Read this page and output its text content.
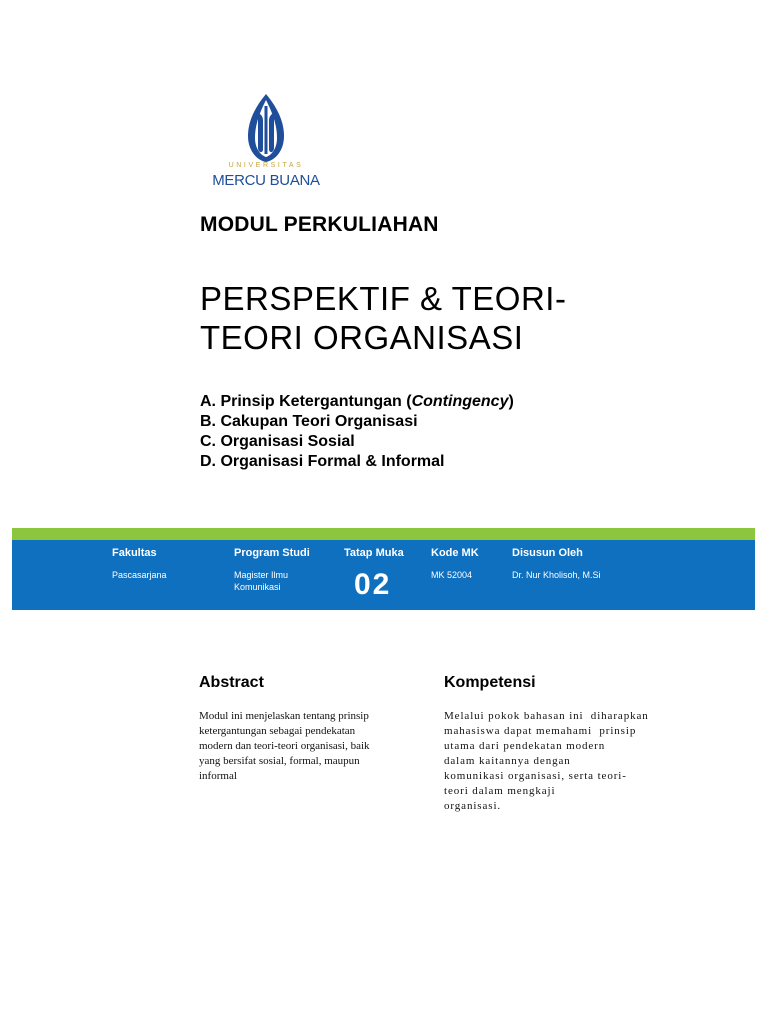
UNIVERSITAS
MERCU BUANA
MODUL PERKULIAHAN
PERSPEKTIF & TEORI-
TEORI ORGANISASI
A. Prinsip Ketergantungan (Contingency)
B. Cakupan Teori Organisasi
C. Organisasi Sosial
D. Organisasi Formal & Informal
Fakultas
Pascasarjana
Program Studi
Magister Ilmu
Komunikasi
Tatap Muka
02
Kode MK
MK 52004
Disusun Oleh
Dr. Nur Kholisoh, M.Si
Abstract
Modul ini menjelaskan tentang prinsip
ketergantungan sebagai pendekatan
modern dan teori-teori organisasi, baik
yang bersifat sosial, formal, maupun
informal
Kompetensi
Melalui pokok bahasan ini  diharapkan
mahasiswa dapat memahami  prinsip
utama dari pendekatan modern
dalam kaitannya dengan
komunikasi organisasi, serta teori-
teori dalam mengkaji
organisasi.
